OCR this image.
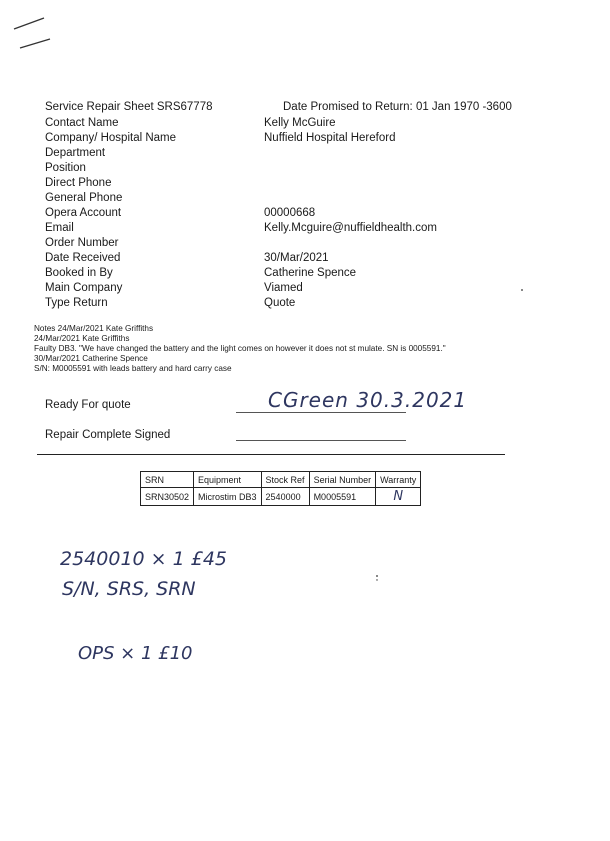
Service Repair Sheet SRS67778	Date Promised to Return: 01 Jan 1970 -3600
Contact Name	Kelly McGuire
Company/ Hospital Name	Nuffield Hospital Hereford
Department
Position
Direct Phone
General Phone
Opera Account	00000668
Email	Kelly.Mcguire@nuffieldhealth.com
Order Number
Date Received	30/Mar/2021
Booked in By	Catherine Spence
Main Company	Viamed
Type Return	Quote
Notes 24/Mar/2021 Kate Griffiths
24/Mar/2021 Kate Griffiths
Faulty DB3. "We have changed the battery and the light comes on however it does not st mulate. SN is 0005591."
30/Mar/2021 Catherine Spence
S/N: M0005591 with leads battery and hard carry case
Ready For quote	CGreen 30.3.2021
Repair Complete Signed
SRN	Equipment	Stock Ref	Serial Number	Warranty
SRN30502	Microstim DB3	2540000	M0005591	N
2540010 × 1 £45
S/N, SRS, SRN
OPS × 1 £10
